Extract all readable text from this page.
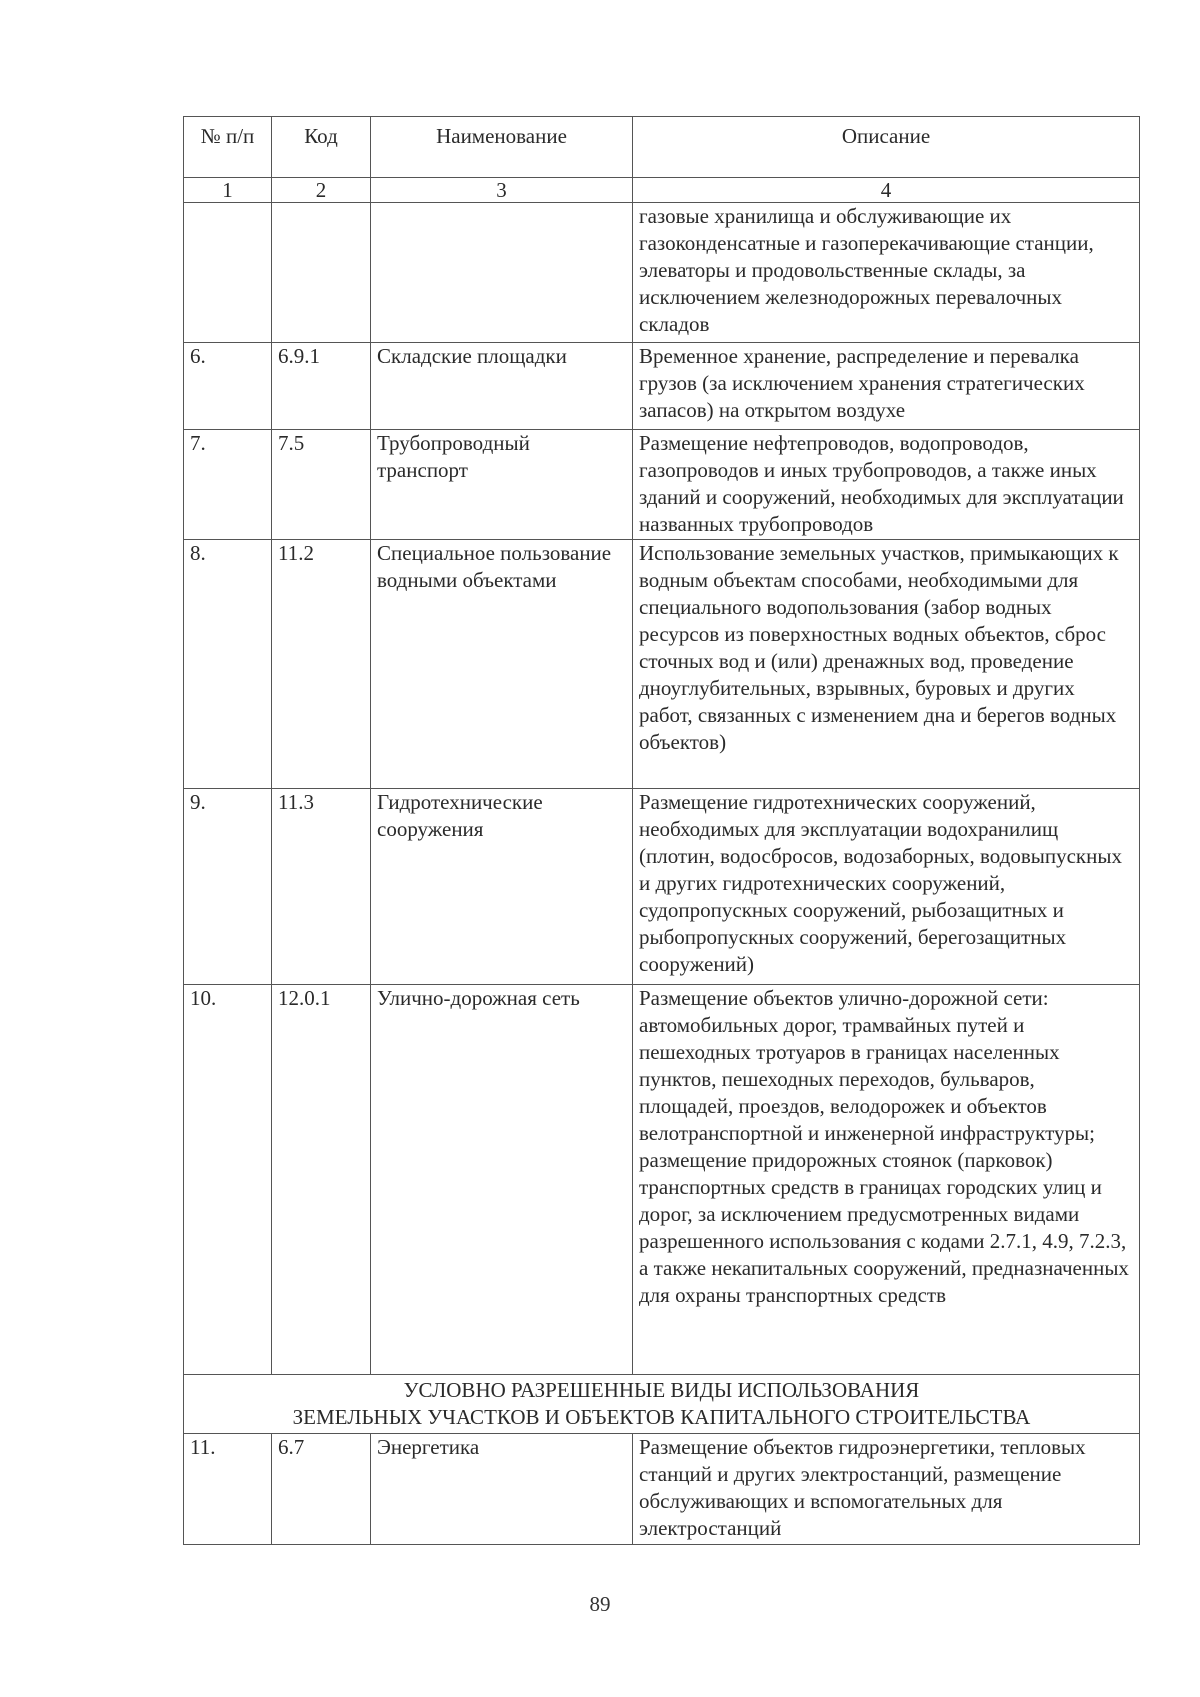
№ п/п	Код	Наименование	Описание
1	2	3	4
			газовые хранилища и обслуживающие их газоконденсатные и газоперекачивающие станции, элеваторы и продовольственные склады, за исключением железнодорожных перевалочных складов
6.	6.9.1	Складские площадки	Временное хранение, распределение и перевалка грузов (за исключением хранения стратегических запасов) на открытом воздухе
7.	7.5	Трубопроводный транспорт	Размещение нефтепроводов, водопроводов, газопроводов и иных трубопроводов, а также иных зданий и сооружений, необходимых для эксплуатации названных трубопроводов
8.	11.2	Специальное пользование водными объектами	Использование земельных участков, примыкающих к водным объектам способами, необходимыми для специального водопользования (забор водных ресурсов из поверхностных водных объектов, сброс сточных вод и (или) дренажных вод, проведение дноуглубительных, взрывных, буровых и других работ, связанных с изменением дна и берегов водных объектов)
9.	11.3	Гидротехнические сооружения	Размещение гидротехнических сооружений, необходимых для эксплуатации водохранилищ (плотин, водосбросов, водозаборных, водовыпускных и других гидротехнических сооружений, судопропускных сооружений, рыбозащитных и рыбопропускных сооружений, берегозащитных сооружений)
10.	12.0.1	Улично-дорожная сеть	Размещение объектов улично-дорожной сети: автомобильных дорог, трамвайных путей и пешеходных тротуаров в границах населенных пунктов, пешеходных переходов, бульваров, площадей, проездов, велодорожек и объектов велотранспортной и инженерной инфраструктуры; размещение придорожных стоянок (парковок) транспортных средств в границах городских улиц и дорог, за исключением предусмотренных видами разрешенного использования с кодами 2.7.1, 4.9, 7.2.3, а также некапитальных сооружений, предназначенных для охраны транспортных средств

УСЛОВНО РАЗРЕШЕННЫЕ ВИДЫ ИСПОЛЬЗОВАНИЯ
ЗЕМЕЛЬНЫХ УЧАСТКОВ И ОБЪЕКТОВ КАПИТАЛЬНОГО СТРОИТЕЛЬСТВА			

11.	6.7	Энергетика	Размещение объектов гидроэнергетики, тепловых станций и других электростанций, размещение обслуживающих и вспомогательных для электростанций
89
